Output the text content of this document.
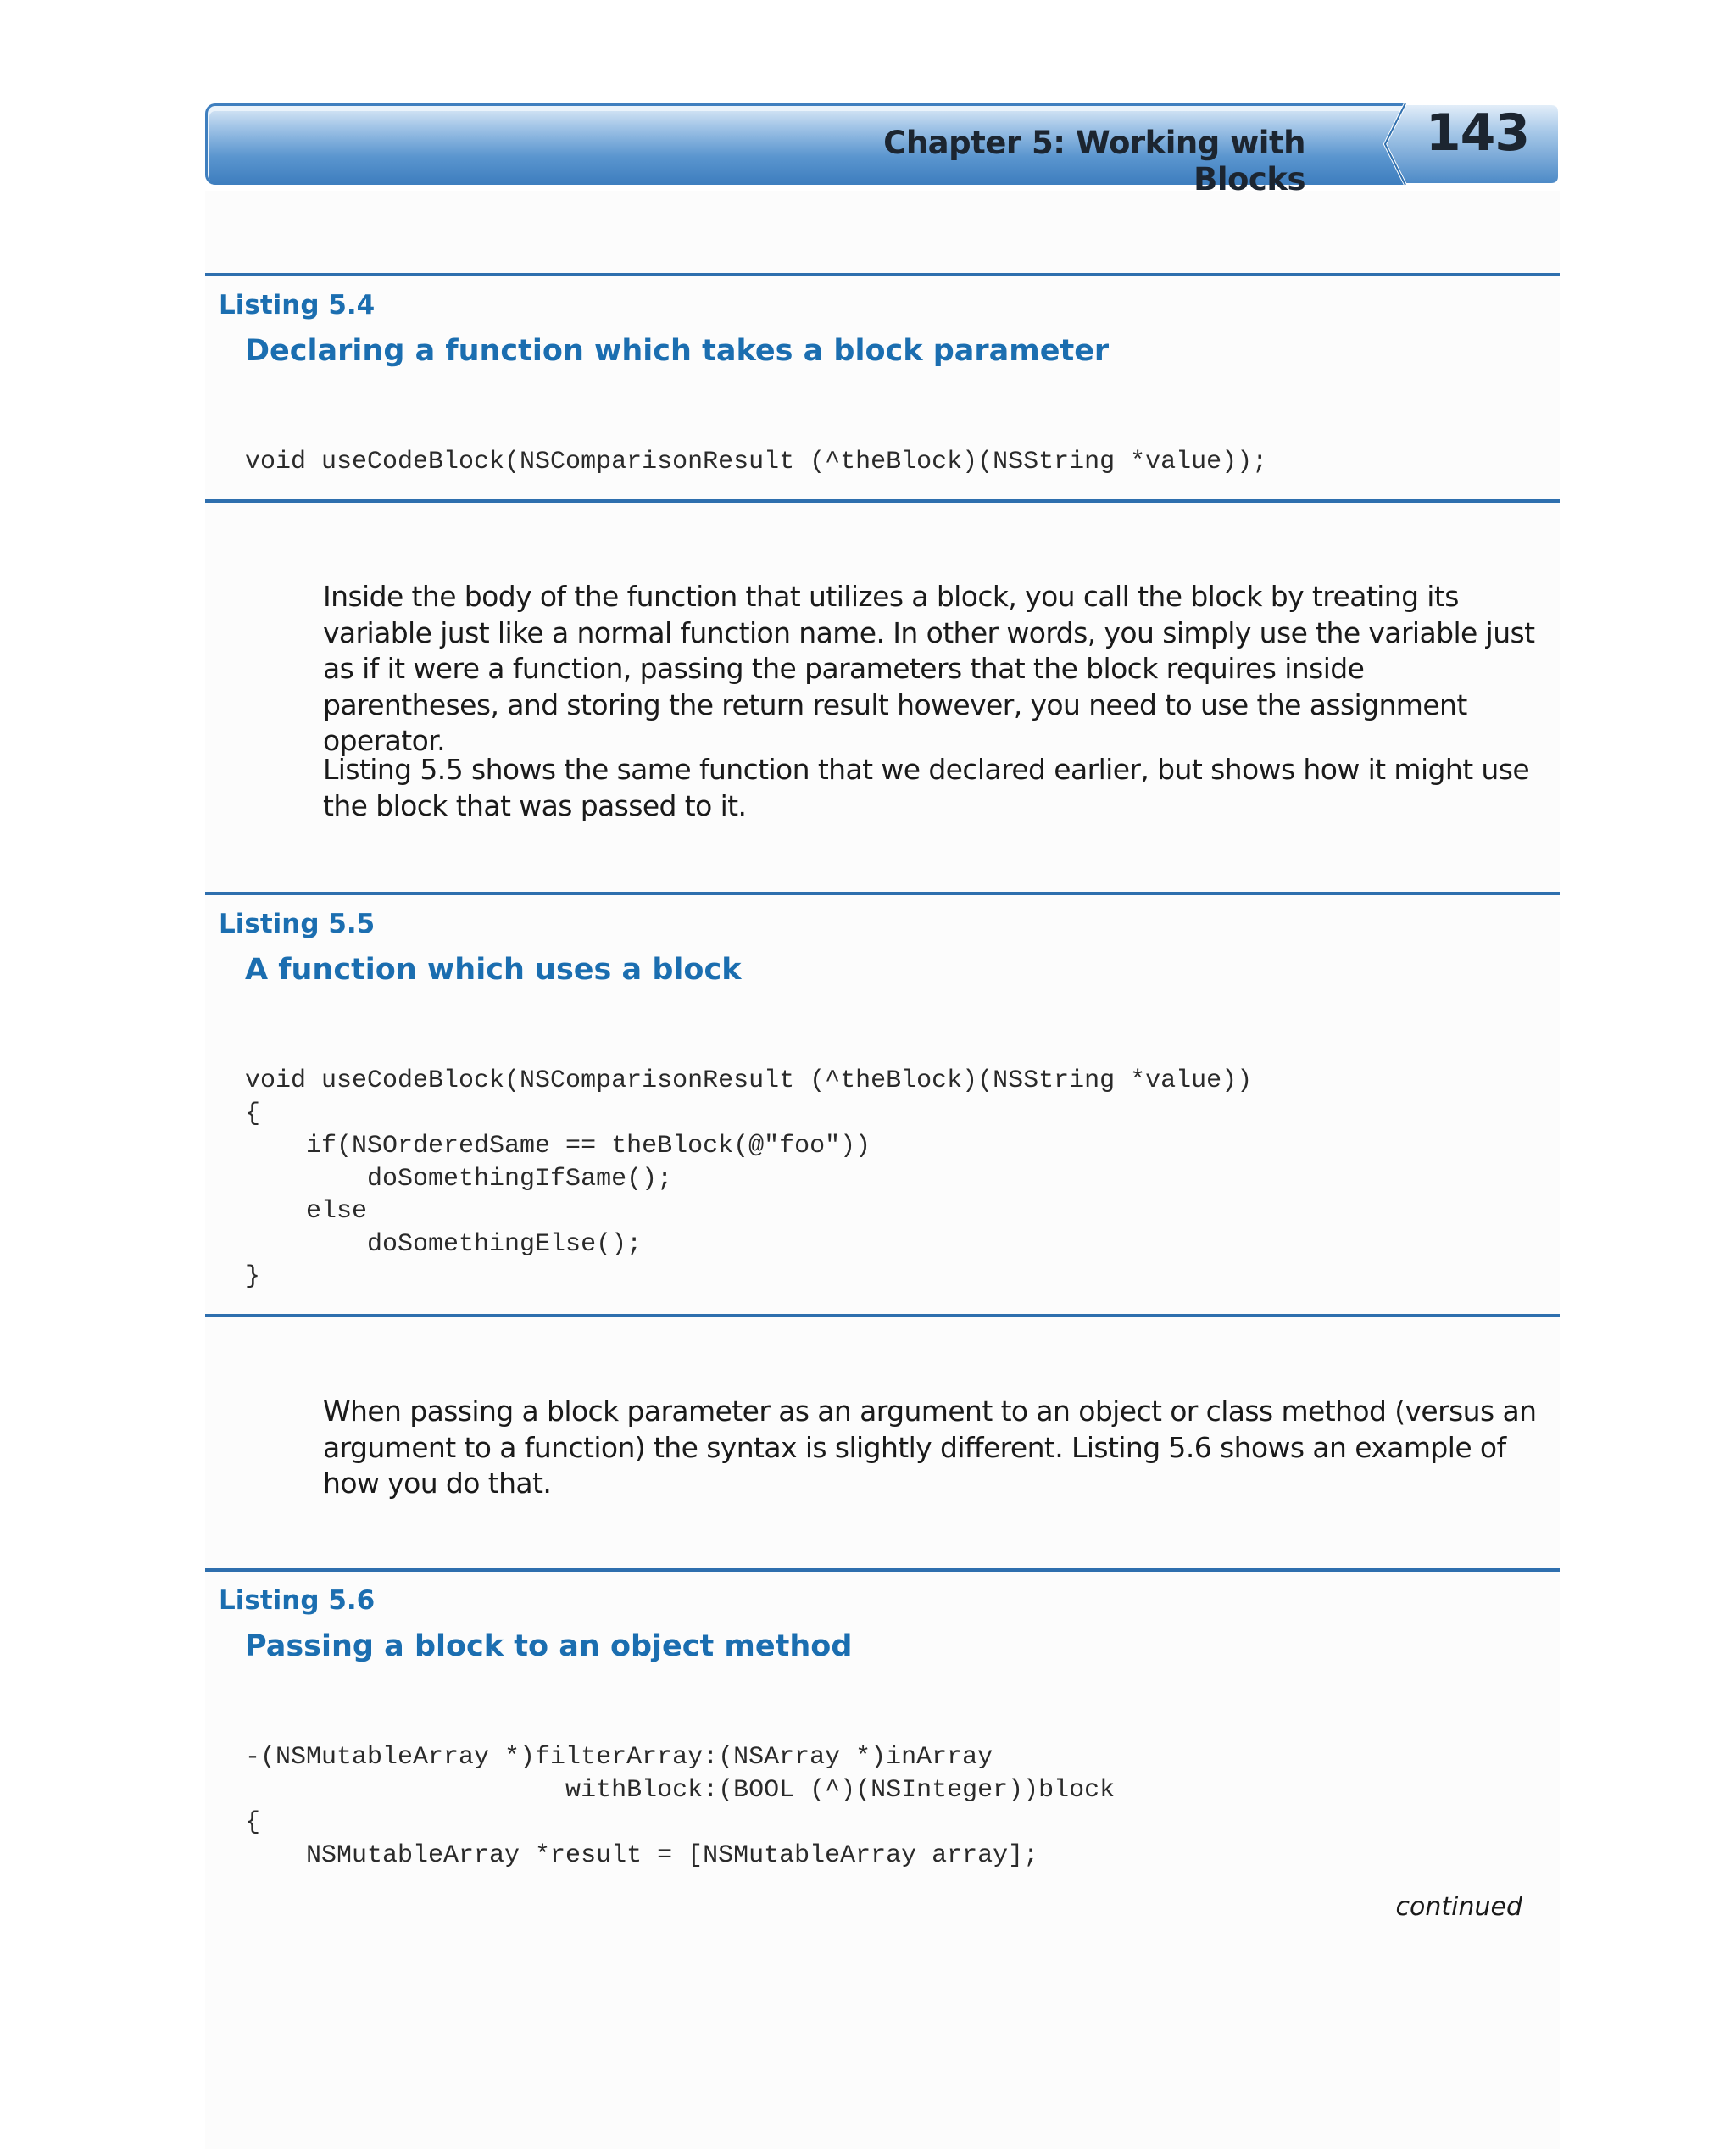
Chapter 5: Working with Blocks
143
Listing 5.4
Declaring a function which takes a block parameter
void useCodeBlock(NSComparisonResult (^theBlock)(NSString *value));

Inside the body of the function that utilizes a block, you call the block by treating its variable just like a normal function name. In other words, you simply use the variable just as if it were a function, passing the parameters that the block requires inside parentheses, and storing the return result however, you need to use the assignment operator.

Listing 5.5 shows the same function that we declared earlier, but shows how it might use the block that was passed to it.

Listing 5.5
A function which uses a block
void useCodeBlock(NSComparisonResult (^theBlock)(NSString *value))
{
if(NSOrderedSame == theBlock(@"foo"))
doSomethingIfSame();
else
doSomethingElse();
}

When passing a block parameter as an argument to an object or class method (versus an argument to a function) the syntax is slightly different. Listing 5.6 shows an example of how you do that.

Listing 5.6
Passing a block to an object method
-(NSMutableArray *)filterArray:(NSArray *)inArray
withBlock:(BOOL (^)(NSInteger))block
{
NSMutableArray *result = [NSMutableArray array];
continued
